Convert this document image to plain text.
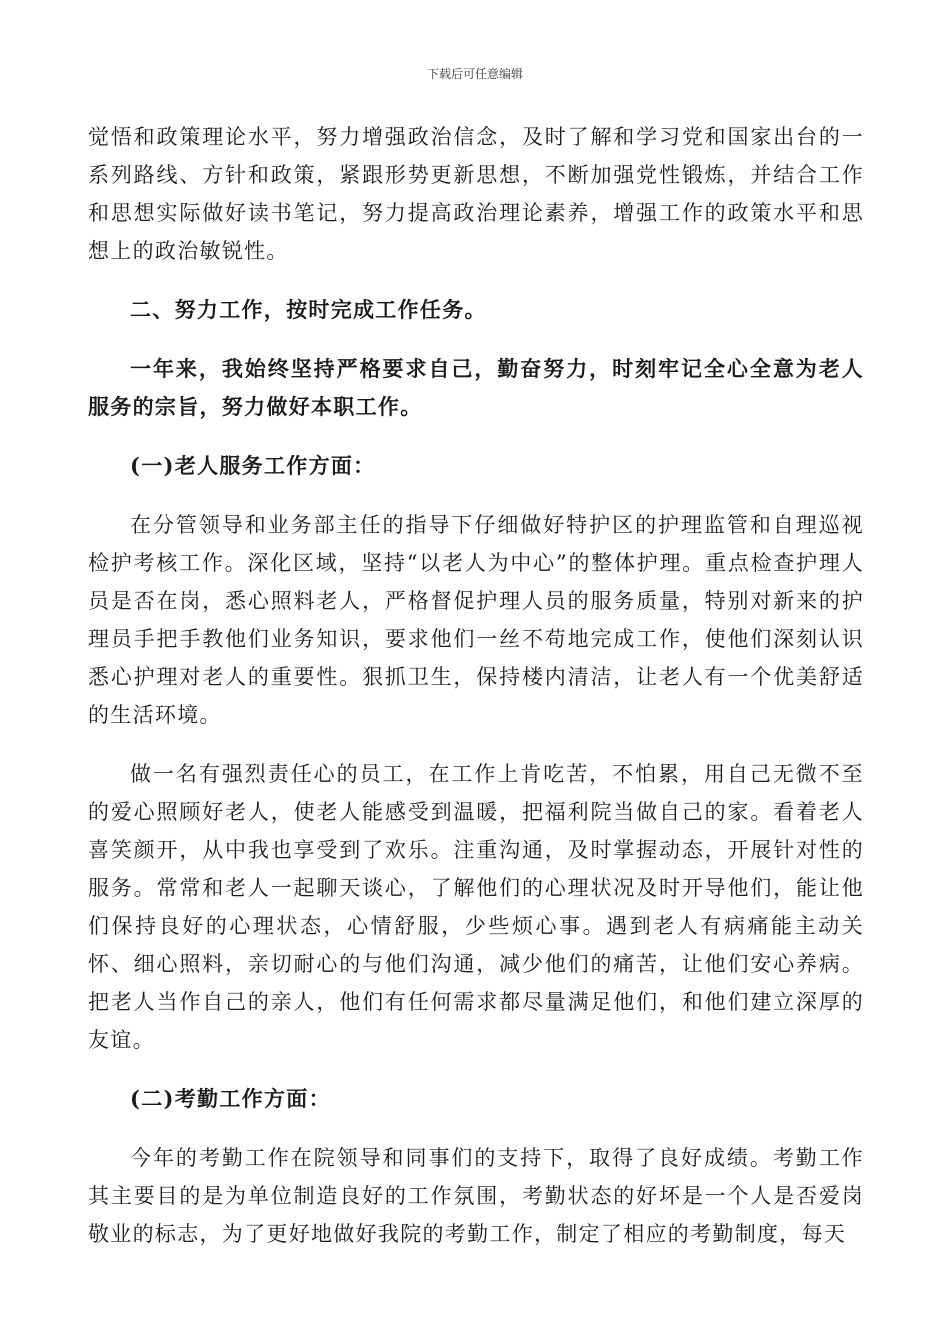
下载后可任意编辑

觉悟和政策理论水平，努力增强政治信念，及时了解和学习党和国家出台的一系列路线、方针和政策，紧跟形势更新思想，不断加强党性锻炼，并结合工作和思想实际做好读书笔记，努力提高政治理论素养，增强工作的政策水平和思想上的政治敏锐性。

二、努力工作，按时完成工作任务。

一年来，我始终坚持严格要求自己，勤奋努力，时刻牢记全心全意为老人服务的宗旨，努力做好本职工作。

(一)老人服务工作方面：

在分管领导和业务部主任的指导下仔细做好特护区的护理监管和自理巡视检护考核工作。深化区域，坚持“以老人为中心”的整体护理。重点检查护理人员是否在岗，悉心照料老人，严格督促护理人员的服务质量，特别对新来的护理员手把手教他们业务知识，要求他们一丝不苟地完成工作，使他们深刻认识悉心护理对老人的重要性。狠抓卫生，保持楼内清洁，让老人有一个优美舒适的生活环境。

做一名有强烈责任心的员工，在工作上肯吃苦，不怕累，用自己无微不至的爱心照顾好老人，使老人能感受到温暖，把福利院当做自己的家。看着老人喜笑颜开，从中我也享受到了欢乐。注重沟通，及时掌握动态，开展针对性的服务。常常和老人一起聊天谈心，了解他们的心理状况及时开导他们，能让他们保持良好的心理状态，心情舒服，少些烦心事。遇到老人有病痛能主动关怀、细心照料，亲切耐心的与他们沟通，减少他们的痛苦，让他们安心养病。把老人当作自己的亲人，他们有任何需求都尽量满足他们，和他们建立深厚的友谊。

(二)考勤工作方面：

今年的考勤工作在院领导和同事们的支持下，取得了良好成绩。考勤工作其主要目的是为单位制造良好的工作氛围，考勤状态的好坏是一个人是否爱岗敬业的标志，为了更好地做好我院的考勤工作，制定了相应的考勤制度，每天
